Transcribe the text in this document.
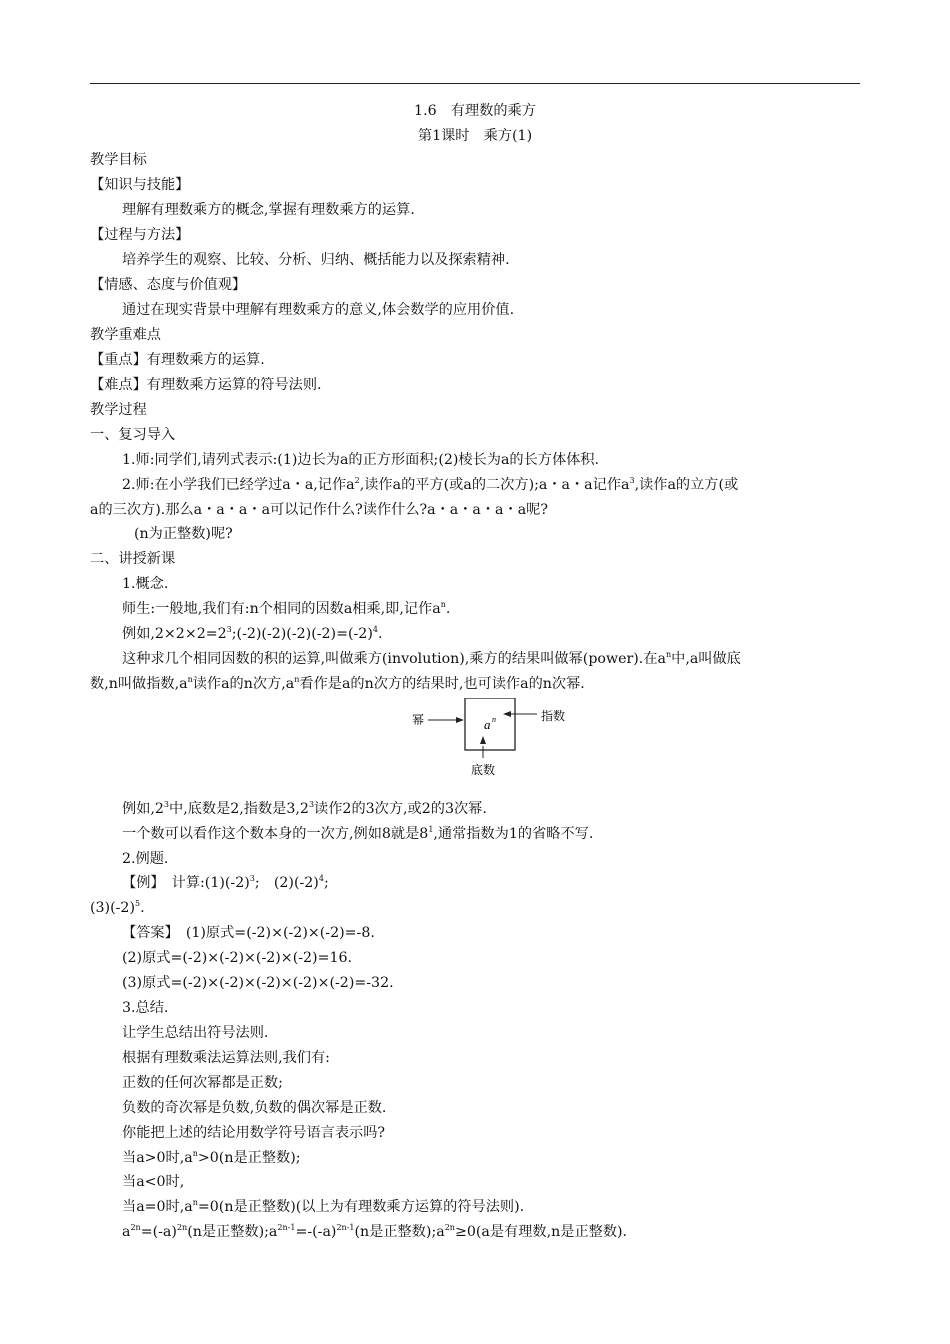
1.6　有理数的乘方
第1课时　乘方(1)
教学目标
【知识与技能】
理解有理数乘方的概念,掌握有理数乘方的运算.
【过程与方法】
培养学生的观察、比较、分析、归纳、概括能力以及探索精神.
【情感、态度与价值观】
通过在现实背景中理解有理数乘方的意义,体会数学的应用价值.
教学重难点
【重点】有理数乘方的运算.
【难点】有理数乘方运算的符号法则.
教学过程
一、复习导入
1.师:同学们,请列式表示:(1)边长为a的正方形面积;(2)棱长为a的长方体体积.
2.师:在小学我们已经学过a・a,记作$a^2$,读作a的平方(或a的二次方);a・a・a记作$a^3$,读作a的立方(或
a的三次方).那么a・a・a・a可以记作什么?读作什么?a・a・a・a・a呢?
(n为正整数)呢?
二、讲授新课
1.概念.
师生:一般地,我们有:n个相同的因数a相乘,即,记作$a^n$.
例如$,2\times 2\times 2=2^3;(-2)(-2)(-2)(-2)=(-2)^4$.
这种求几个相同因数的积的运算,叫做乘方(involution),乘方的结果叫做幂(power).在$a^n$中,a叫做底
数,n叫做指数$,a^n$读作a的n次方$,a^n$看作是a的n次方的结果时,也可读作a的n次幂.
a n
幂	指数
底数
例如$,2^3$中,底数是2,指数是$3,2^3$读作2的3次方,或2的3次幂.
一个数可以看作这个数本身的一次方,例如8就是$8^1$,通常指数为1的省略不写.
2.例题.
【例】　计算$:(1)(-2)^3$;　$(2)(-2)^4$;
$(3)(-2)^5$.
【答案】　(1)原式=(-2)×(-2)×(-2)=-8.
(2)原式=(-2)×(-2)×(-2)×(-2)=16.
(3)原式=(-2)×(-2)×(-2)×(-2)×(-2)=-32.
3.总结.
让学生总结出符号法则.
根据有理数乘法运算法则,我们有:
正数的任何次幂都是正数;
负数的奇次幂是负数,负数的偶次幂是正数.
你能把上述的结论用数学符号语言表示吗?
当a>0时$,a^n>0(n$是正整数);
当a<0时,
当a=0时$,a^n=0(n$是正整数)(以上为有理数乘方运算的符号法则).
$a^{2n}=(-a)^{2n}(n$是正整数)$;a^{2n-1}=-(-a)^{2n-1}(n$是正整数)$;a^{2n}\ge 0(a$是有理数,n是正整数).
